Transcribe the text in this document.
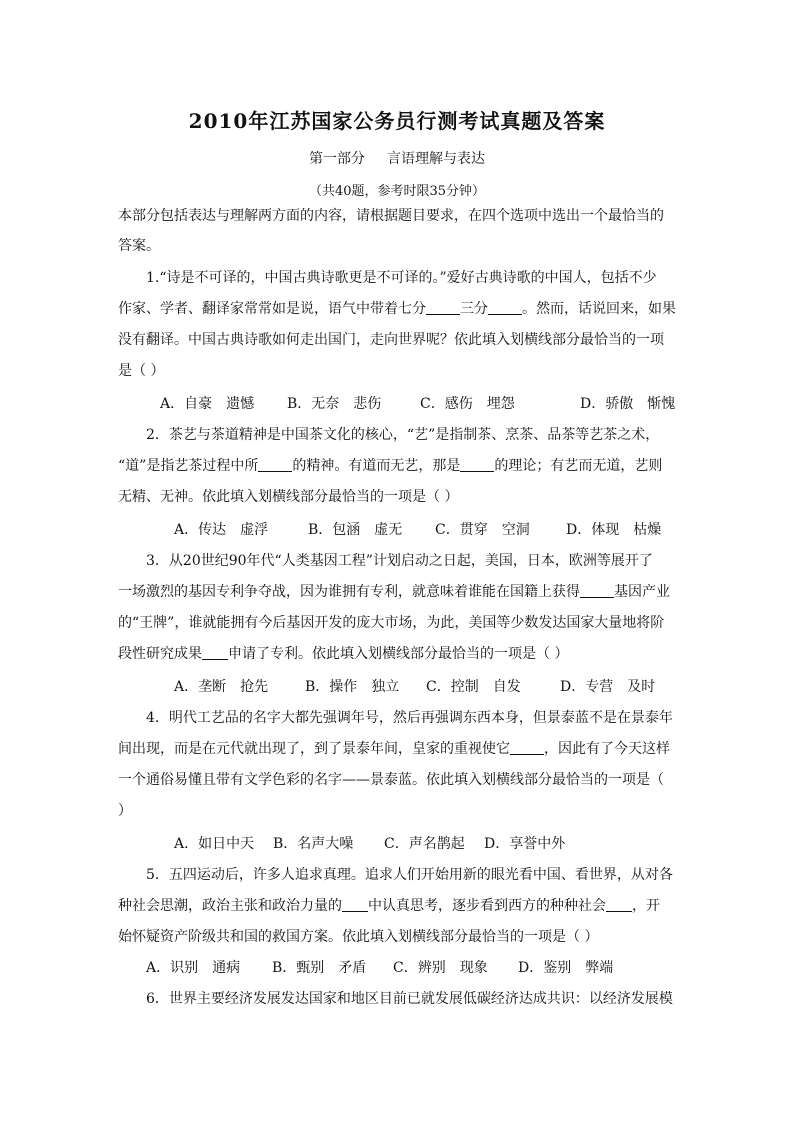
2010年江苏国家公务员行测考试真题及答案
第一部分 言语理解与表达
（共40题，参考时限35分钟）
本部分包括表达与理解两方面的内容，请根据题目要求，在四个选项中选出一个最恰当的
答案。
1.“诗是不可译的，中国古典诗歌更是不可译的。”爱好古典诗歌的中国人，包括不少
作家、学者、翻译家常常如是说，语气中带着七分 三分 。然而，话说回来，如果
没有翻译。中国古典诗歌如何走出国门，走向世界呢？依此填入划横线部分最恰当的一项
是（ ）
A．自豪　遗憾 B．无奈　悲伤	C．感伤　埋怨	D．骄傲　惭愧
2．茶艺与茶道精神是中国茶文化的核心，“艺”是指制茶、烹茶、品茶等艺茶之术，
“道”是指艺茶过程中所 的精神。有道而无艺，那是 的理论；有艺而无道，艺则
无精、无神。依此填入划横线部分最恰当的一项是（ ）
A．传达　虚浮	B．包涵　虚无 C．贯穿　空洞	D．体现　枯燥
3．从20世纪90年代“人类基因工程”计划启动之日起，美国，日本，欧洲等展开了
一场激烈的基因专利争夺战，因为谁拥有专利，就意味着谁能在国籍上获得 基因产业
的“王牌”，谁就能拥有今后基因开发的庞大市场，为此，美国等少数发达国家大量地将阶
段性研究成果 申请了专利。依此填入划横线部分最恰当的一项是（ ）
A．垄断　抢先	B．操作　独立 C．控制　自发	D．专营　及时
4．明代工艺品的名字大都先强调年号，然后再强调东西本身，但景泰蓝不是在景泰年
间出现，而是在元代就出现了，到了景泰年间，皇家的重视使它 ，因此有了今天这样
一个通俗易懂且带有文学色彩的名字——景泰蓝。依此填入划横线部分最恰当的一项是（
）
A．如日中天 B．名声大噪 C．声名鹊起 D．享誉中外
5．五四运动后，许多人追求真理。追求人们开始用新的眼光看中国、看世界，从对各
种社会思潮，政治主张和政治力量的 中认真思考，逐步看到西方的种种社会 ，开
始怀疑资产阶级共和国的救国方案。依此填入划横线部分最恰当的一项是（ ）
A．识别　通病 B．甄别　矛盾 C．辨别　现象 D．鉴别　弊端
6．世界主要经济发展发达国家和地区目前已就发展低碳经济达成共识：以经济发展模
